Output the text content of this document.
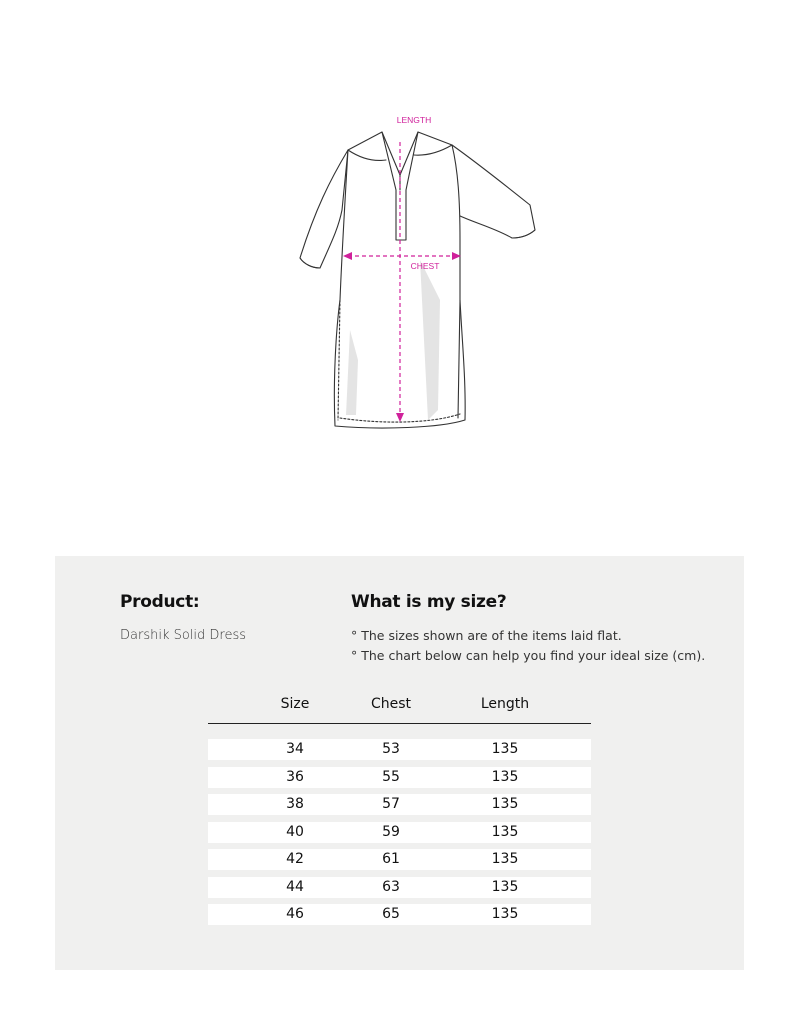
LENGTH
CHEST
Product:
Darshik Solid Dress
What is my size?
° The sizes shown are of the items laid flat.
° The chart below can help you find your ideal size (cm).
Size	Chest	Length
34	53	135
36	55	135
38	57	135
40	59	135
42	61	135
44	63	135
46	65	135
